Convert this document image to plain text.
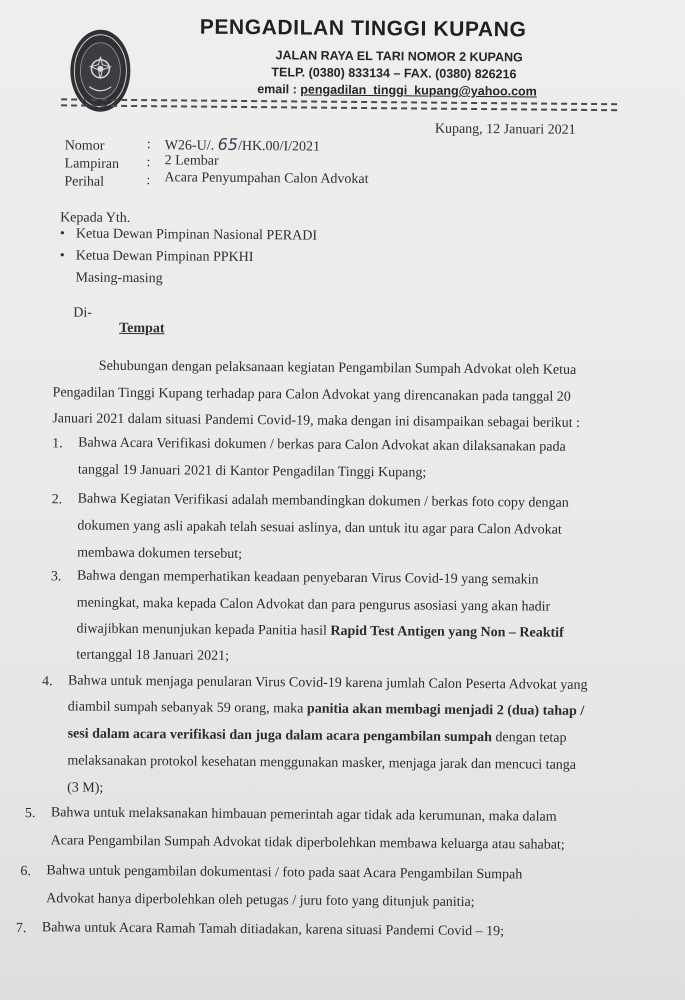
PENGADILAN TINGGI KUPANG
JALAN RAYA EL TARI NOMOR 2 KUPANG
TELP. (0380) 833134 – FAX. (0380) 826216
email : pengadilan_tinggi_kupang@yahoo.com
Nomor	: W26-U/. 65/HK.00/I/2021
Kupang, 12 Januari 2021
Lampiran : 2 Lembar
Perihal	: Acara Penyumpahan Calon Advokat
Kepada Yth.
• Ketua Dewan Pimpinan Nasional PERADI
• Ketua Dewan Pimpinan PPKHI
Masing-masing
Di-
Tempat
Sehubungan dengan pelaksanaan kegiatan Pengambilan Sumpah Advokat oleh Ketua
Pengadilan Tinggi Kupang terhadap para Calon Advokat yang direncanakan pada tanggal 20
Januari 2021 dalam situasi Pandemi Covid-19, maka dengan ini disampaikan sebagai berikut :
1. Bahwa Acara Verifikasi dokumen / berkas para Calon Advokat akan dilaksanakan pada
tanggal 19 Januari 2021 di Kantor Pengadilan Tinggi Kupang;
2. Bahwa Kegiatan Verifikasi adalah membandingkan dokumen / berkas foto copy dengan
dokumen yang asli apakah telah sesuai aslinya, dan untuk itu agar para Calon Advokat
membawa dokumen tersebut;
3. Bahwa dengan memperhatikan keadaan penyebaran Virus Covid-19 yang semakin
meningkat, maka kepada Calon Advokat dan para pengurus asosiasi yang akan hadir
diwajibkan menunjukan kepada Panitia hasil Rapid Test Antigen yang Non – Reaktif
tertanggal 18 Januari 2021;
4. Bahwa untuk menjaga penularan Virus Covid-19 karena jumlah Calon Peserta Advokat yang
diambil sumpah sebanyak 59 orang, maka panitia akan membagi menjadi 2 (dua) tahap /
sesi dalam acara verifikasi dan juga dalam acara pengambilan sumpah dengan tetap
melaksanakan protokol kesehatan menggunakan masker, menjaga jarak dan mencuci tanga
(3 M);
5. Bahwa untuk melaksanakan himbauan pemerintah agar tidak ada kerumunan, maka dalam
Acara Pengambilan Sumpah Advokat tidak diperbolehkan membawa keluarga atau sahabat;
6. Bahwa untuk pengambilan dokumentasi / foto pada saat Acara Pengambilan Sumpah
Advokat hanya diperbolehkan oleh petugas / juru foto yang ditunjuk panitia;
7. Bahwa untuk Acara Ramah Tamah ditiadakan, karena situasi Pandemi Covid – 19;
